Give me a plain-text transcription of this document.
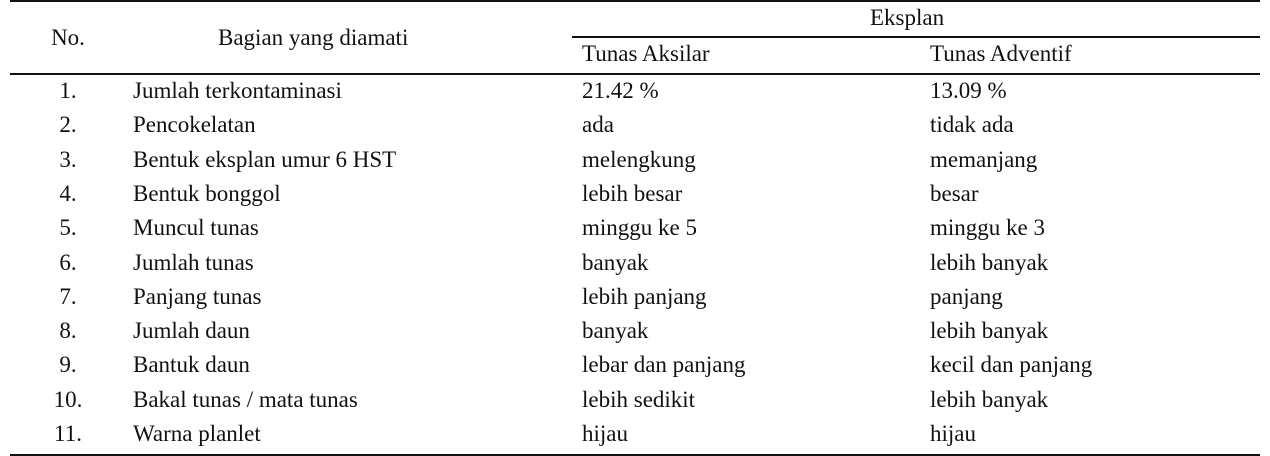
No.	Bagian yang diamati
Eksplan
Tunas Aksilar	Tunas Adventif
1.	Jumlah terkontaminasi	21.42 %	13.09 %
2.	Pencokelatan	ada	tidak ada
3.	Bentuk eksplan umur 6 HST	melengkung	memanjang
4.	Bentuk bonggol	lebih besar	besar
5.	Muncul tunas	minggu ke 5	minggu ke 3
6.	Jumlah tunas	banyak	lebih banyak
7.	Panjang tunas	lebih panjang	panjang
8.	Jumlah daun	banyak	lebih banyak
9.	Bantuk daun	lebar dan panjang	kecil dan panjang
10.	Bakal tunas / mata tunas	lebih sedikit	lebih banyak
11.	Warna planlet	hijau	hijau
